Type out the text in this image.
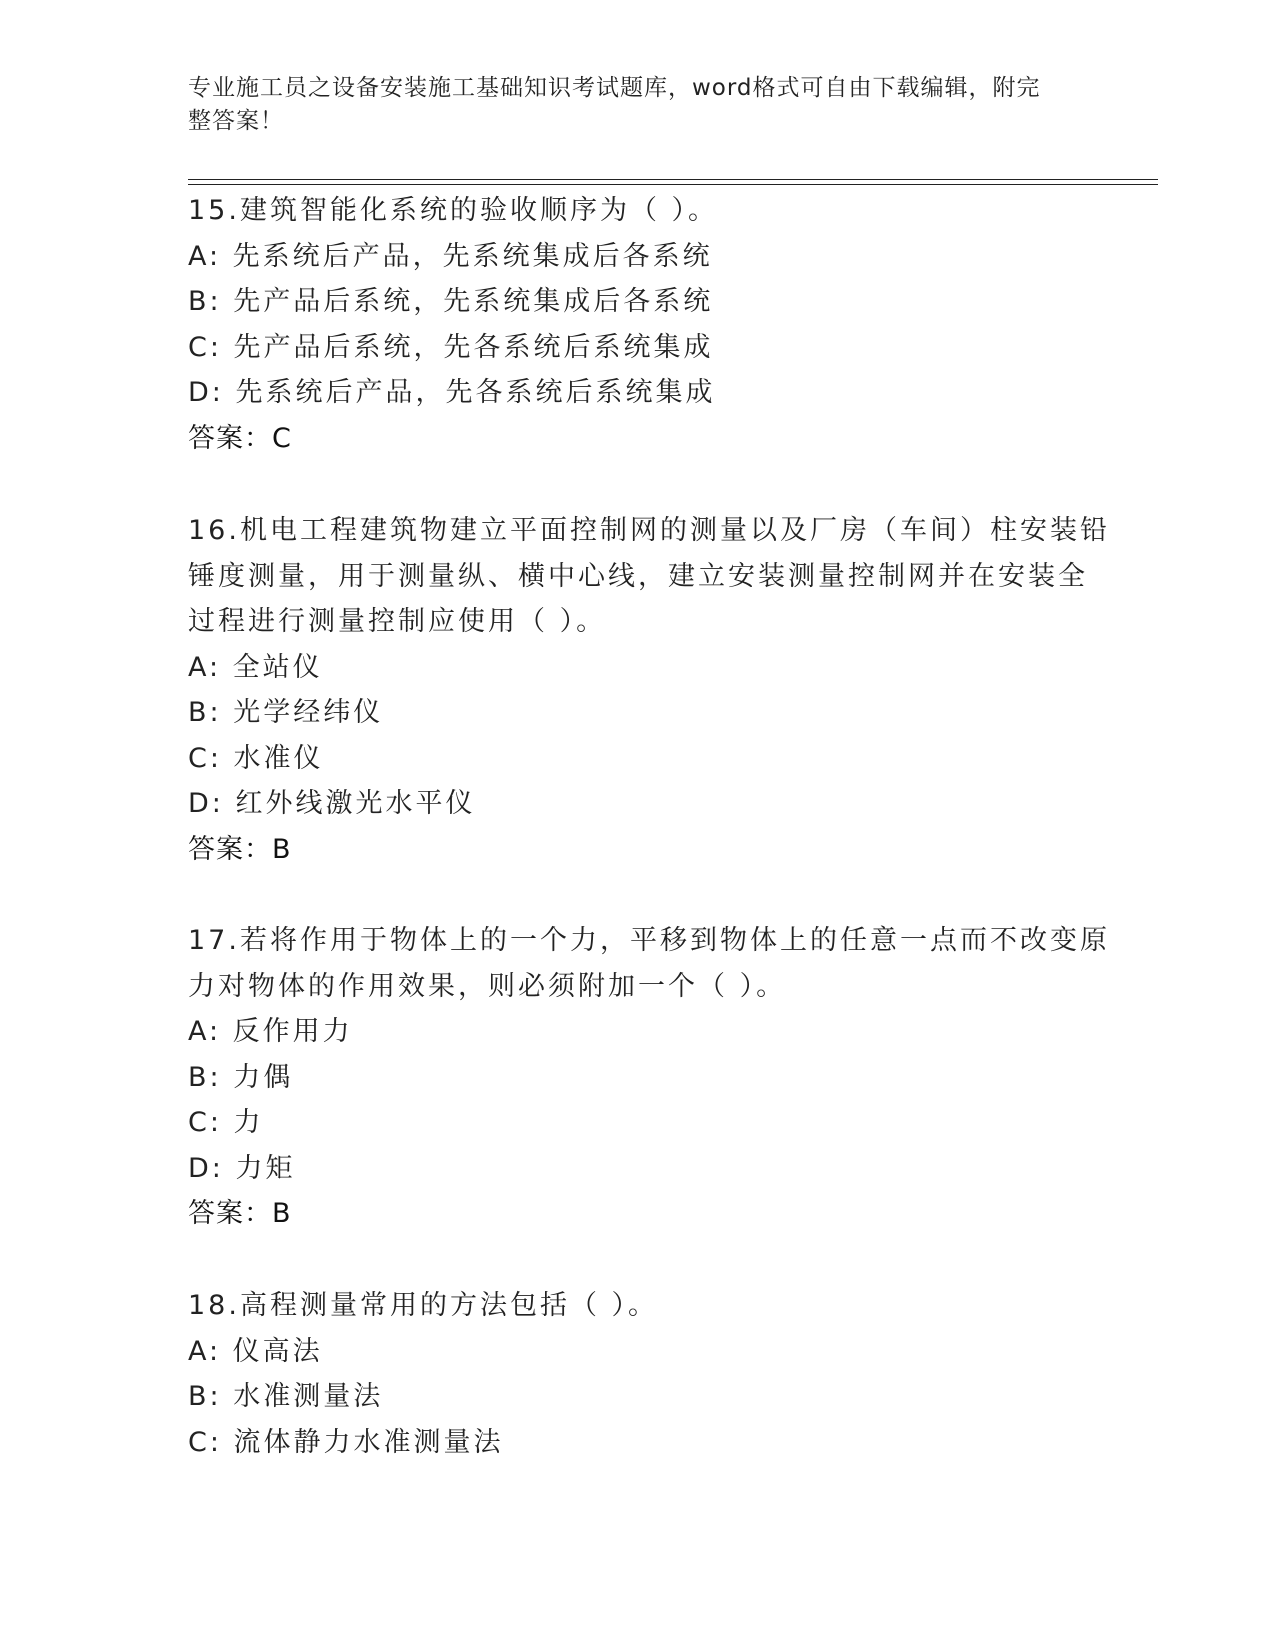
专业施工员之设备安装施工基础知识考试题库，word格式可自由下载编辑，附完
整答案！
15.建筑智能化系统的验收顺序为（ ）。
A: 先系统后产品，先系统集成后各系统
B: 先产品后系统，先系统集成后各系统
C: 先产品后系统，先各系统后系统集成
D: 先系统后产品，先各系统后系统集成
答案：C
16.机电工程建筑物建立平面控制网的测量以及厂房（车间）柱安装铅
锤度测量，用于测量纵、横中心线，建立安装测量控制网并在安装全
过程进行测量控制应使用（ ）。
A: 全站仪
B: 光学经纬仪
C: 水准仪
D: 红外线激光水平仪
答案：B
17.若将作用于物体上的一个力，平移到物体上的任意一点而不改变原
力对物体的作用效果，则必须附加一个（ ）。
A: 反作用力
B: 力偶
C: 力
D: 力矩
答案：B
18.高程测量常用的方法包括（ ）。
A: 仪高法
B: 水准测量法
C: 流体静力水准测量法
